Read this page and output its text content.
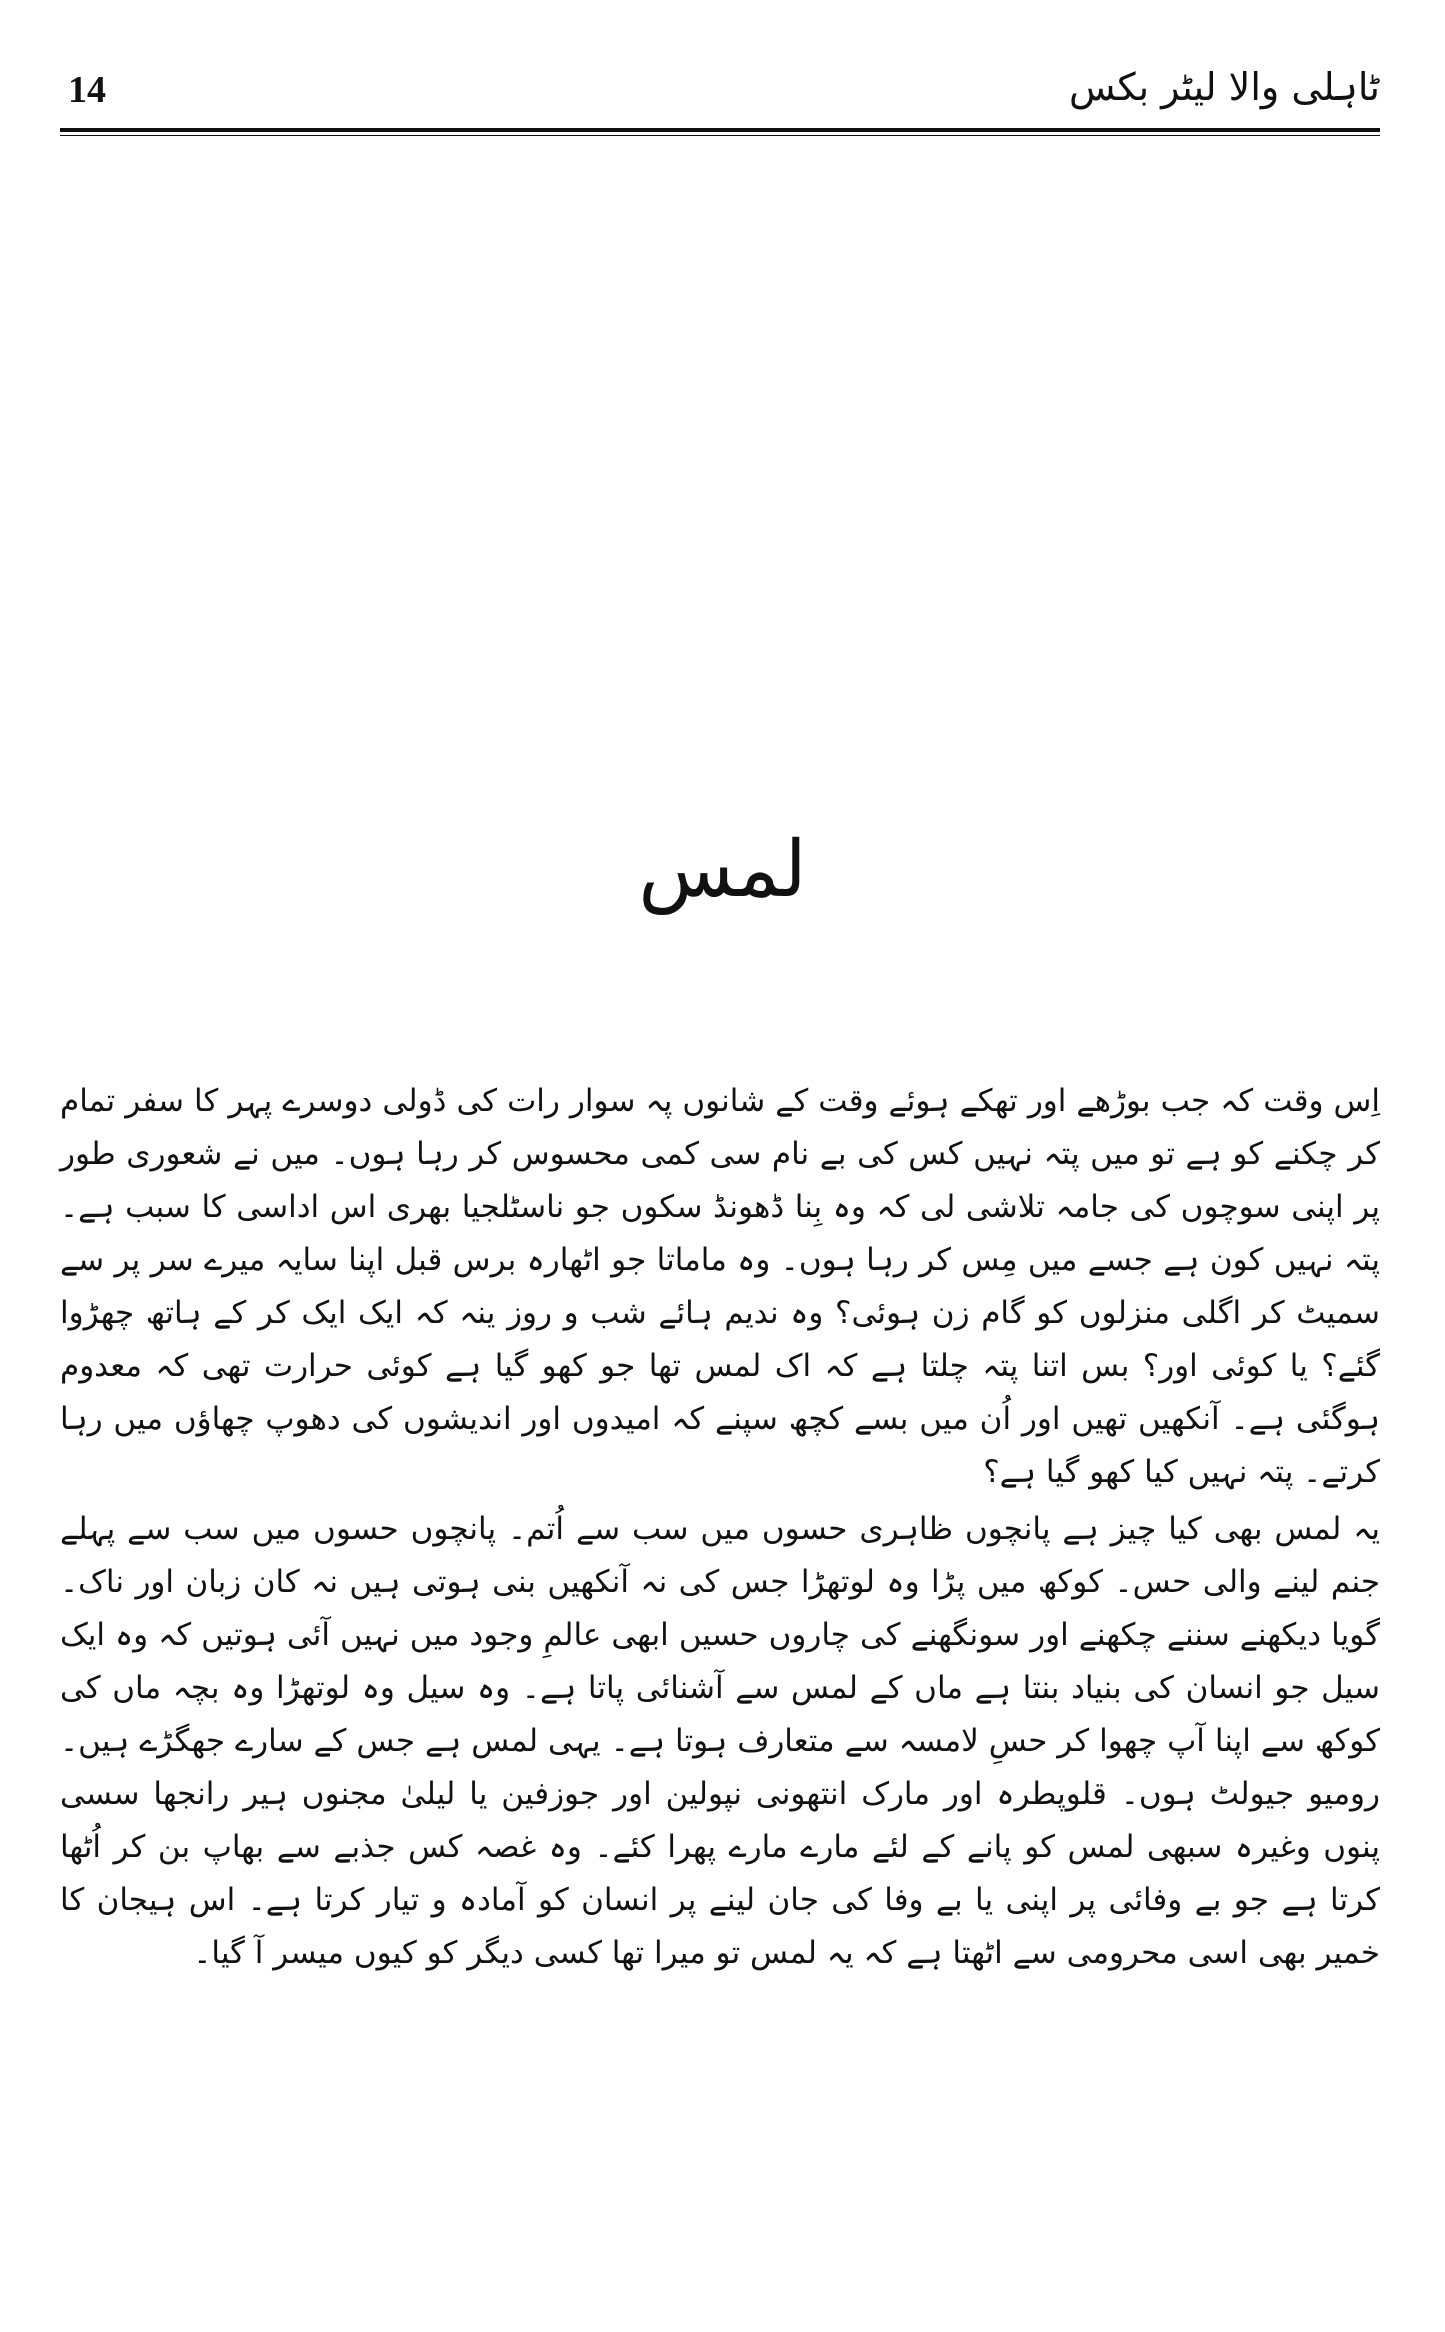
14	ٹاہلی والا لیٹر بکس
لمس

اِس وقت کہ جب بوڑھے اور تھکے ہوئے وقت کے شانوں پہ سوار رات کی ڈولی دوسرے پہر کا سفر تمام کر چکنے کو ہے تو میں پتہ نہیں کس کی بے نام سی کمی محسوس کر رہا ہوں۔ میں نے شعوری طور پر اپنی سوچوں کی جامہ تلاشی لی کہ وہ بِنا ڈھونڈ سکوں جو ناسٹلجیا بھری اس اداسی کا سبب ہے۔ پتہ نہیں کون ہے جسے میں مِس کر رہا ہوں۔ وہ ماماتا جو اٹھارہ برس قبل اپنا سایہ میرے سر پر سے سمیٹ کر اگلی منزلوں کو گام زن ہوئی؟ وہ ندیم ہائے شب و روز ینہ کہ ایک ایک کر کے ہاتھ چھڑوا گئے؟ یا کوئی اور؟ بس اتنا پتہ چلتا ہے کہ اک لمس تھا جو کھو گیا ہے کوئی حرارت تھی کہ معدوم ہوگئی ہے۔ آنکھیں تھیں اور اُن میں بسے کچھ سپنے کہ امیدوں اور اندیشوں کی دھوپ چھاؤں میں رہا کرتے۔ پتہ نہیں کیا کھو گیا ہے؟

یہ لمس بھی کیا چیز ہے پانچوں ظاہری حسوں میں سب سے اُتم۔ پانچوں حسوں میں سب سے پہلے جنم لینے والی حس۔ کوکھ میں پڑا وہ لوتھڑا جس کی نہ آنکھیں بنی ہوتی ہیں نہ کان زبان اور ناک۔ گویا دیکھنے سننے چکھنے اور سونگھنے کی چاروں حسیں ابھی عالمِ وجود میں نہیں آئی ہوتیں کہ وہ ایک سیل جو انسان کی بنیاد بنتا ہے ماں کے لمس سے آشنائی پاتا ہے۔ وہ سیل وہ لوتھڑا وہ بچہ ماں کی کوکھ سے اپنا آپ چھوا کر حسِ لامسہ سے متعارف ہوتا ہے۔ یہی لمس ہے جس کے سارے جھگڑے ہیں۔ رومیو جیولٹ ہوں۔ قلوپطرہ اور مارک انتھونی نپولین اور جوزفین یا لیلیٰ مجنوں ہیر رانجھا سسی پنوں وغیرہ سبھی لمس کو پانے کے لئے مارے مارے پھرا کئے۔ وہ غصہ کس جذبے سے بھاپ بن کر اُٹھا کرتا ہے جو بے وفائی پر اپنی یا بے وفا کی جان لینے پر انسان کو آمادہ و تیار کرتا ہے۔ اس ہیجان کا خمیر بھی اسی محرومی سے اٹھتا ہے کہ یہ لمس تو میرا تھا کسی دیگر کو کیوں میسر آ گیا۔
